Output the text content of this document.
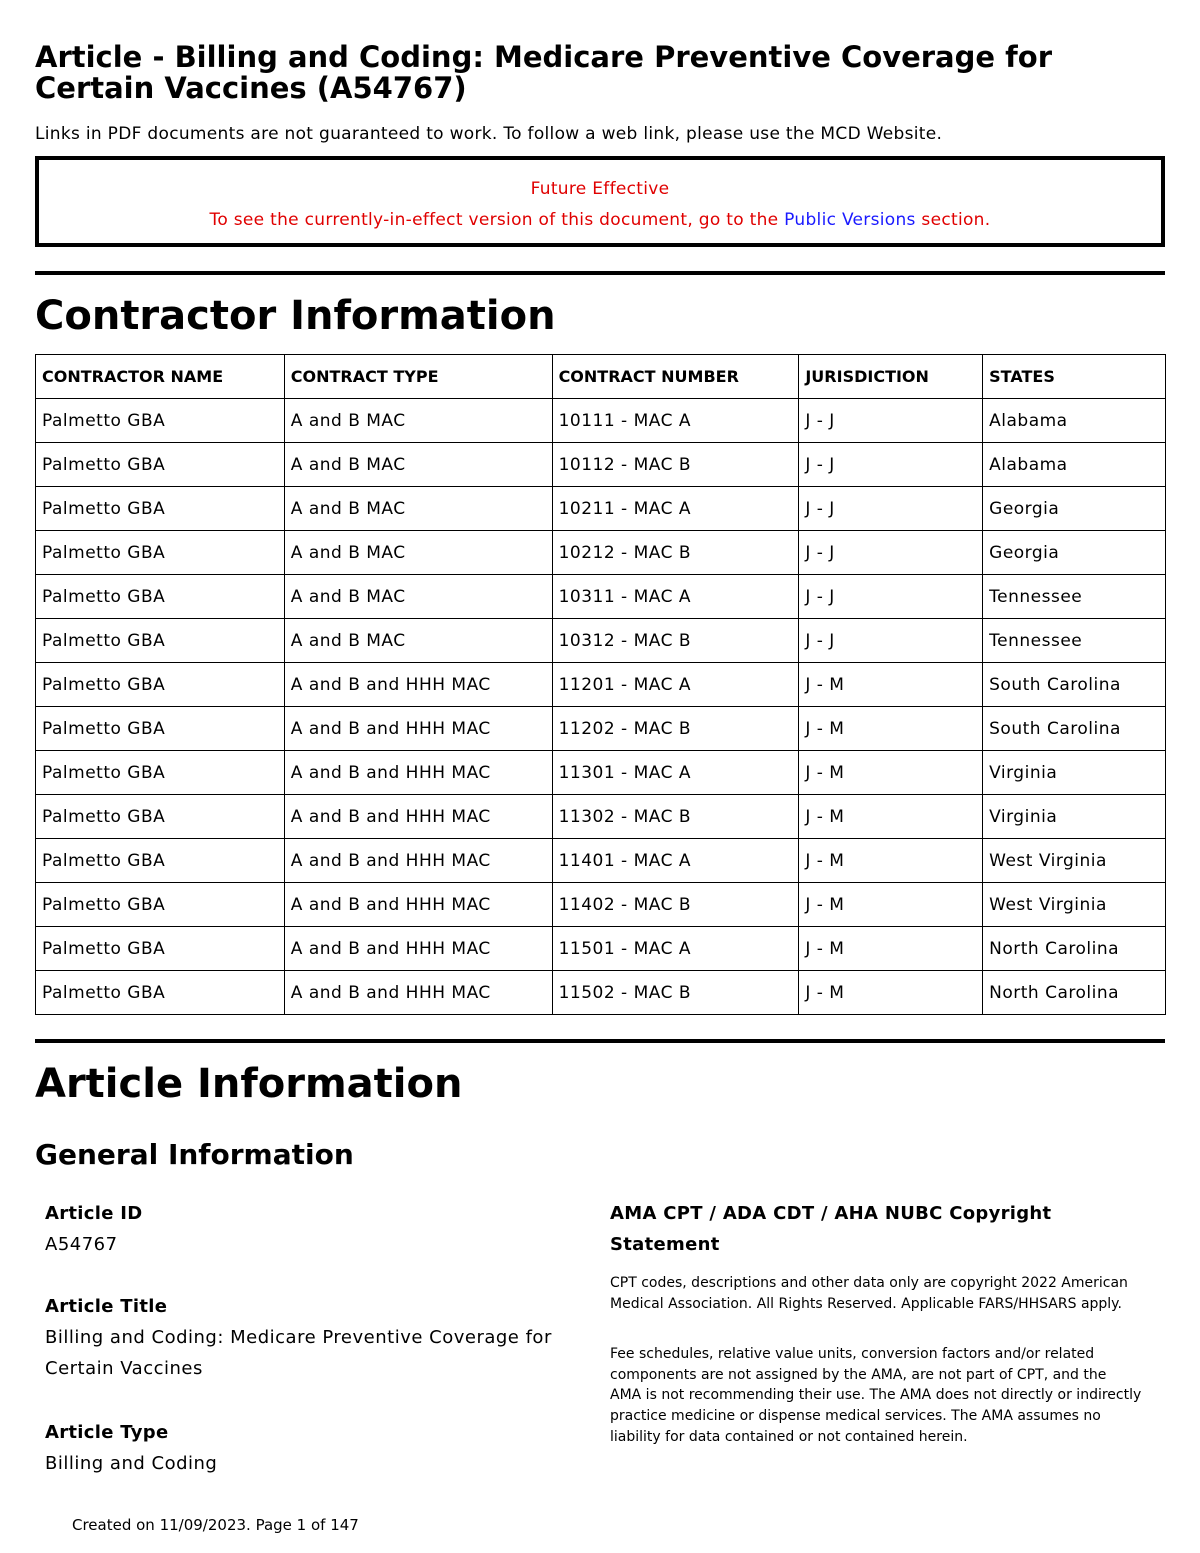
Article - Billing and Coding: Medicare Preventive Coverage for Certain Vaccines (A54767)
Links in PDF documents are not guaranteed to work. To follow a web link, please use the MCD Website.
Future Effective
To see the currently-in-effect version of this document, go to the Public Versions section.
Contractor Information
CONTRACTOR NAME	CONTRACT TYPE	CONTRACT NUMBER	JURISDICTION	STATES
Palmetto GBA	A and B MAC	10111 - MAC A	J - J	Alabama
Palmetto GBA	A and B MAC	10112 - MAC B	J - J	Alabama
Palmetto GBA	A and B MAC	10211 - MAC A	J - J	Georgia
Palmetto GBA	A and B MAC	10212 - MAC B	J - J	Georgia
Palmetto GBA	A and B MAC	10311 - MAC A	J - J	Tennessee
Palmetto GBA	A and B MAC	10312 - MAC B	J - J	Tennessee
Palmetto GBA	A and B and HHH MAC	11201 - MAC A	J - M	South Carolina
Palmetto GBA	A and B and HHH MAC	11202 - MAC B	J - M	South Carolina
Palmetto GBA	A and B and HHH MAC	11301 - MAC A	J - M	Virginia
Palmetto GBA	A and B and HHH MAC	11302 - MAC B	J - M	Virginia
Palmetto GBA	A and B and HHH MAC	11401 - MAC A	J - M	West Virginia
Palmetto GBA	A and B and HHH MAC	11402 - MAC B	J - M	West Virginia
Palmetto GBA	A and B and HHH MAC	11501 - MAC A	J - M	North Carolina
Palmetto GBA	A and B and HHH MAC	11502 - MAC B	J - M	North Carolina
Article Information
General Information
Article ID
A54767
Article Title
Billing and Coding: Medicare Preventive Coverage for
Certain Vaccines
Article Type
Billing and Coding
AMA CPT / ADA CDT / AHA NUBC Copyright
Statement
CPT codes, descriptions and other data only are copyright 2022 American
Medical Association. All Rights Reserved. Applicable FARS/HHSARS apply.
Fee schedules, relative value units, conversion factors and/or related
components are not assigned by the AMA, are not part of CPT, and the
AMA is not recommending their use. The AMA does not directly or indirectly
practice medicine or dispense medical services. The AMA assumes no
liability for data contained or not contained herein.
Created on 11/09/2023. Page 1 of 147
